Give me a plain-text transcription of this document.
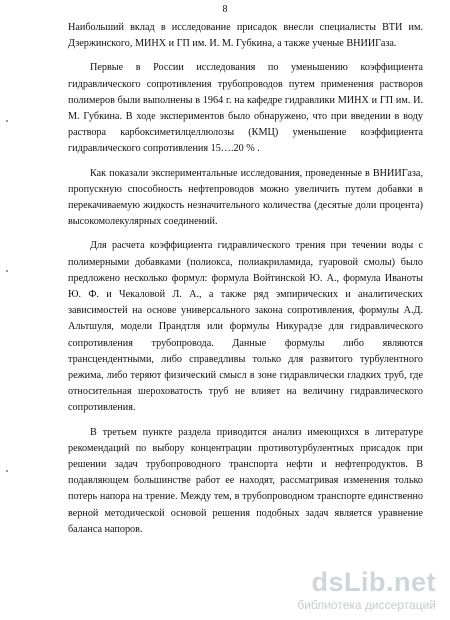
8

Наибольший вклад в исследование присадок внесли специалисты ВТИ им. Дзержинского, МИНХ и ГП им. И. М. Губкина, а также ученые ВНИИГаза.

Первые в России исследования по уменьшению коэффициента гидравлического сопротивления трубопроводов путем применения растворов полимеров были выполнены в 1964 г. на кафедре гидравлики МИНХ и ГП им. И. М. Губкина. В ходе экспериментов было обнаружено, что при введении в воду раствора карбоксиметилцеллюлозы (КМЦ) уменьшение коэффициента гидравлического сопротивления 15….20 % .

Как показали экспериментальные исследования, проведенные в ВНИИГаза, пропускную способность нефтепроводов можно увеличить путем добавки в перекачиваемую жидкость незначительного количества (десятые доли процента) высокомолекулярных соединений.

Для расчета коэффициента гидравлического трения при течении воды с полимерными добавками (полиокса, полиакриламида, гуаровой смолы) было предложено несколько формул: формула Войтинской Ю. А., формула Иваноты Ю. Ф. и Чекаловой Л. А., а также ряд эмпирических и аналитических зависимостей на основе универсального закона сопротивления, формулы А.Д. Альтшуля, модели Прандтля или формулы Никурадзе для гидравлического сопротивления трубопровода. Данные формулы либо являются трансцендентными, либо справедливы только для развитого турбулентного режима, либо теряют физический смысл в зоне гидравлически гладких труб, где относительная шероховатость труб не влияет на величину гидравлического сопротивления.

В третьем пункте раздела приводится анализ имеющихся в литературе рекомендаций по выбору концентрации противотурбулентных присадок при решении задач трубопроводного транспорта нефти и нефтепродуктов. В подавляющем большинстве работ ее находят, рассматривая изменения только потерь напора на трение. Между тем, в трубопроводном транспорте единственно верной методической основой решения подобных задач является уравнение баланса напоров.

dsLib.net
библиотека диссертаций
